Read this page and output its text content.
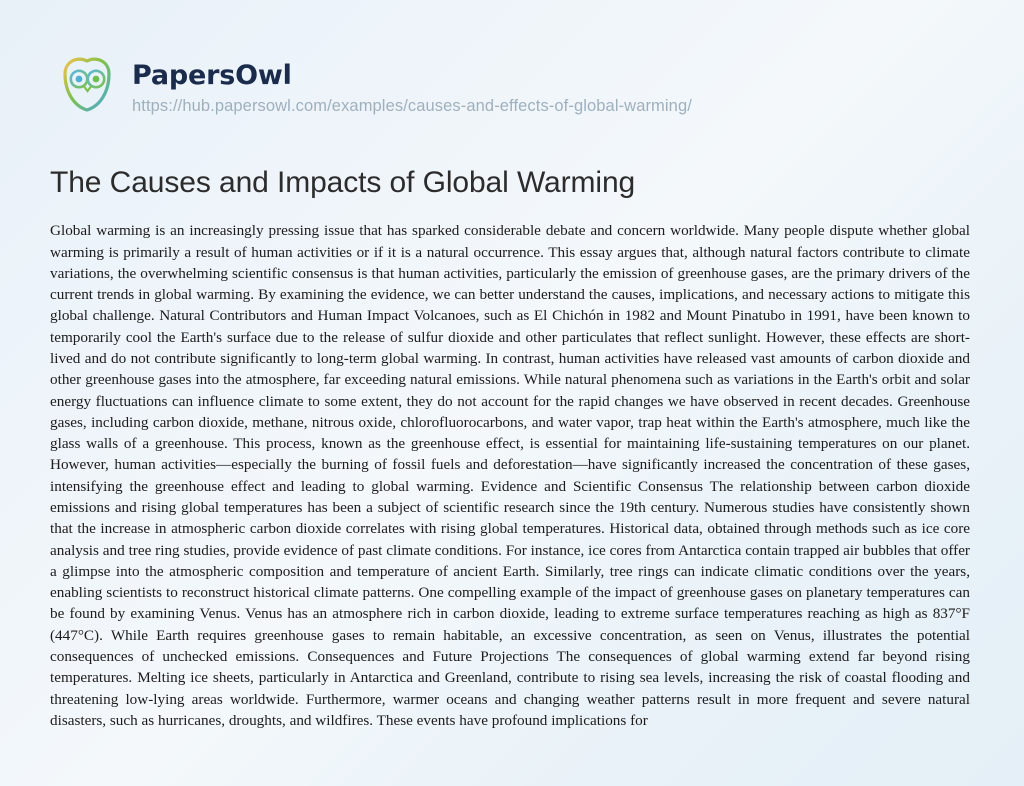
PapersOwl
https://hub.papersowl.com/examples/causes-and-effects-of-global-warming/
The Causes and Impacts of Global Warming
Global warming is an increasingly pressing issue that has sparked considerable debate and concern worldwide. Many people dispute whether global warming is primarily a result of human activities or if it is a natural occurrence. This essay argues that, although natural factors contribute to climate variations, the overwhelming scientific consensus is that human activities, particularly the emission of greenhouse gases, are the primary drivers of the current trends in global warming. By examining the evidence, we can better understand the causes, implications, and necessary actions to mitigate this global challenge. Natural Contributors and Human Impact Volcanoes, such as El Chichón in 1982 and Mount Pinatubo in 1991, have been known to temporarily cool the Earth's surface due to the release of sulfur dioxide and other particulates that reflect sunlight. However, these effects are short-lived and do not contribute significantly to long-term global warming. In contrast, human activities have released vast amounts of carbon dioxide and other greenhouse gases into the atmosphere, far exceeding natural emissions. While natural phenomena such as variations in the Earth's orbit and solar energy fluctuations can influence climate to some extent, they do not account for the rapid changes we have observed in recent decades. Greenhouse gases, including carbon dioxide, methane, nitrous oxide, chlorofluorocarbons, and water vapor, trap heat within the Earth's atmosphere, much like the glass walls of a greenhouse. This process, known as the greenhouse effect, is essential for maintaining life-sustaining temperatures on our planet. However, human activities—especially the burning of fossil fuels and deforestation—have significantly increased the concentration of these gases, intensifying the greenhouse effect and leading to global warming. Evidence and Scientific Consensus The relationship between carbon dioxide emissions and rising global temperatures has been a subject of scientific research since the 19th century. Numerous studies have consistently shown that the increase in atmospheric carbon dioxide correlates with rising global temperatures. Historical data, obtained through methods such as ice core analysis and tree ring studies, provide evidence of past climate conditions. For instance, ice cores from Antarctica contain trapped air bubbles that offer a glimpse into the atmospheric composition and temperature of ancient Earth. Similarly, tree rings can indicate climatic conditions over the years, enabling scientists to reconstruct historical climate patterns. One compelling example of the impact of greenhouse gases on planetary temperatures can be found by examining Venus. Venus has an atmosphere rich in carbon dioxide, leading to extreme surface temperatures reaching as high as 837°F (447°C). While Earth requires greenhouse gases to remain habitable, an excessive concentration, as seen on Venus, illustrates the potential consequences of unchecked emissions. Consequences and Future Projections The consequences of global warming extend far beyond rising temperatures. Melting ice sheets, particularly in Antarctica and Greenland, contribute to rising sea levels, increasing the risk of coastal flooding and threatening low-lying areas worldwide. Furthermore, warmer oceans and changing weather patterns result in more frequent and severe natural disasters, such as hurricanes, droughts, and wildfires. These events have profound implications for
